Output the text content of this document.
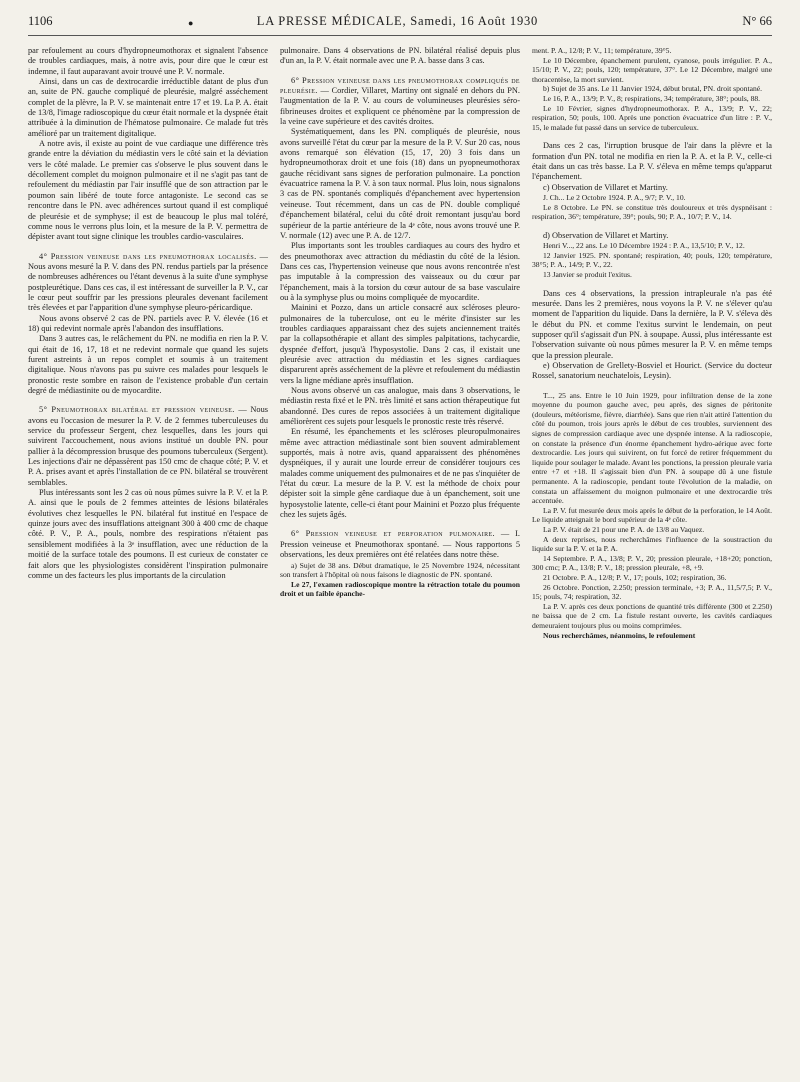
1106	●	LA PRESSE MÉDICALE, Samedi, 16 Août 1930	N° 66

par refoulement au cours d'hydropneumothorax et signalent l'absence de troubles cardiaques, mais, à notre avis, pour dire que le cœur est indemne, il faut auparavant avoir trouvé une P. V. normale.

Ainsi, dans un cas de dextrocardie irréductible datant de plus d'un an, suite de PN. gauche compliqué de pleurésie, malgré asséchement complet de la plèvre, la P. V. se maintenait entre 17 et 19. La P. A. était de 13/8, l'image radioscopique du cœur était normale et la dyspnée était attribuée à la diminution de l'hématose pulmonaire. Ce malade fut très amélioré par un traitement digitalique.

A notre avis, il existe au point de vue cardiaque une différence très grande entre la déviation du médiastin vers le côté sain et la déviation vers le côté malade. Le premier cas s'observe le plus souvent dans le décollement complet du moignon pulmonaire et il ne s'agit pas tant de refoulement du médiastin par l'air insufflé que de son attraction par le poumon sain libéré de toute force antagoniste. Le second cas se rencontre dans le PN. avec adhérences surtout quand il est compliqué de pleurésie et de symphyse; il est de beaucoup le plus mal toléré, comme nous le verrons plus loin, et la mesure de la P. V. permettra de dépister avant tout signe clinique les troubles cardio-vasculaires.

4° Pression veineuse dans les pneumothorax localisés. — Nous avons mesuré la P. V. dans des PN. rendus partiels par la présence de nombreuses adhérences ou l'étant devenus à la suite d'une symphyse postpleurétique. Dans ces cas, il est intéressant de surveiller la P. V., car le cœur peut souffrir par les pressions pleurales devenant facilement très élevées et par l'apparition d'une symphyse pleuro-péricardique.

Nous avons observé 2 cas de PN. partiels avec P. V. élevée (16 et 18) qui redevint normale après l'abandon des insufflations.

Dans 3 autres cas, le relâchement du PN. ne modifia en rien la P. V. qui était de 16, 17, 18 et ne redevint normale que quand les sujets furent astreints à un repos complet et soumis à un traitement digitalique. Nous n'avons pas pu suivre ces malades pour lesquels le pronostic reste sombre en raison de l'existence probable d'un certain degré de médiastinite ou de myocardite.

5° Pneumothorax bilatéral et pression veineuse. — Nous avons eu l'occasion de mesurer la P. V. de 2 femmes tuberculeuses du service du professeur Sergent, chez lesquelles, dans les jours qui suivirent l'accouchement, nous avions institué un double PN. pour pallier à la décompression brusque des poumons tuberculeux (Sergent). Les injections d'air ne dépassèrent pas 150 cmc de chaque côté; P. V. et P. A. prises avant et après l'installation de ce PN. bilatéral se trouvèrent semblables.

Plus intéressants sont les 2 cas où nous pûmes suivre la P. V. et la P. A. ainsi que le pouls de 2 femmes atteintes de lésions bilatérales évolutives chez lesquelles le PN. bilatéral fut institué en l'espace de quinze jours avec des insufflations atteignant 300 à 400 cmc de chaque côté. P. V., P. A., pouls, nombre des respirations n'étaient pas sensiblement modifiées à la 3ᵉ insufflation, avec une réduction de la moitié de la surface totale des poumons. Il est curieux de constater ce fait alors que les physiologistes considèrent l'inspiration pulmonaire comme un des facteurs les plus importants de la circulation

pulmonaire. Dans 4 observations de PN. bilatéral réalisé depuis plus d'un an, la P. V. était normale avec une P. A. basse dans 3 cas.

6° Pression veineuse dans les pneumothorax compliqués de pleurésie. — Cordier, Villaret, Martiny ont signalé en dehors du PN. l'augmentation de la P. V. au cours de volumineuses pleurésies séro-fibrineuses droites et expliquent ce phénomène par la compression de la veine cave supérieure et des cavités droites.

Systématiquement, dans les PN. compliqués de pleurésie, nous avons surveillé l'état du cœur par la mesure de la P. V. Sur 20 cas, nous avons remarqué son élévation (15, 17, 20) 3 fois dans un hydropneumothorax droit et une fois (18) dans un pyopneumothorax gauche récidivant sans signes de perforation pulmonaire. La ponction évacuatrice ramena la P. V. à son taux normal. Plus loin, nous signalons 3 cas de PN. spontanés compliqués d'épanchement avec hypertension veineuse. Tout récemment, dans un cas de PN. double compliqué d'épanchement bilatéral, celui du côté droit remontant jusqu'au bord supérieur de la partie antérieure de la 4ᵉ côte, nous avons trouvé une P. V. normale (12) avec une P. A. de 12/7.

Plus importants sont les troubles cardiaques au cours des hydro et des pneumothorax avec attraction du médiastin du côté de la lésion. Dans ces cas, l'hypertension veineuse que nous avons rencontrée n'est pas imputable à la compression des vaisseaux ou du cœur par l'épanchement, mais à la torsion du cœur autour de sa base vasculaire ou à la symphyse plus ou moins compliquée de myocardite.

Mainini et Pozzo, dans un article consacré aux scléroses pleuro-pulmonaires de la tuberculose, ont eu le mérite d'insister sur les troubles cardiaques apparaissant chez des sujets anciennement traités par la collapsothérapie et allant des simples palpitations, tachycardie, dyspnée d'effort, jusqu'à l'hyposystolie. Dans 2 cas, il existait une pleurésie avec attraction du médiastin et les signes cardiaques disparurent après asséchement de la plèvre et refoulement du médiastin vers la ligne médiane après insufflation.

Nous avons observé un cas analogue, mais dans 3 observations, le médiastin resta fixé et le PN. très limité et sans action thérapeutique fut abandonné. Des cures de repos associées à un traitement digitalique améliorèrent ces sujets pour lesquels le pronostic reste très réservé.

En résumé, les épanchements et les scléroses pleuropulmonaires même avec attraction médiastinale sont bien souvent admirablement supportés, mais à notre avis, quand apparaissent des phénomènes dyspnéiques, il y aurait une lourde erreur de considérer toujours ces malades comme uniquement des pulmonaires et de ne pas s'inquiéter de l'état du cœur. La mesure de la P. V. est la méthode de choix pour dépister soit la simple gêne cardiaque due à un épanchement, soit une hyposystolie latente, celle-ci étant pour Mainini et Pozzo plus fréquente chez les sujets âgés.

6° Pression veineuse et perforation pulmonaire. — I. Pression veineuse et Pneumothorax spontané. — Nous rapportons 5 observations, les deux premières ont été relatées dans notre thèse.

a) Sujet de 38 ans. Début dramatique, le 25 Novembre 1924, nécessitant son transfert à l'hôpital où nous faisons le diagnostic de PN. spontané.

Le 27, l'examen radioscopique montre la rétraction totale du poumon droit et un faible épanche-

ment. P. A., 12/8; P. V., 11; température, 39°5.

Le 10 Décembre, épanchement purulent, cyanose, pouls irrégulier. P. A., 15/10; P. V., 22; pouls, 120; température, 37°. Le 12 Décembre, malgré une thoracentèse, la mort survient.

b) Sujet de 35 ans. Le 11 Janvier 1924, début brutal, PN. droit spontané.

Le 16, P. A., 13/9; P. V., 8; respirations, 34; température, 38°; pouls, 88.

Le 10 Février, signes d'hydropneumothorax. P. A., 13/9; P. V., 22; respiration, 50; pouls, 100. Après une ponction évacuatrice d'un litre : P. V., 15, le malade fut passé dans un service de tuberculeux.

Dans ces 2 cas, l'irruption brusque de l'air dans la plèvre et la formation d'un PN. total ne modifia en rien la P. A. et la P. V., celle-ci était dans un cas très basse. La P. V. s'éleva en même temps qu'apparut l'épanchement.

c) Observation de Villaret et Martiny.

J. Ch... Le 2 Octobre 1924. P. A., 9/7; P. V., 10.

Le 8 Octobre. Le PN. se constitue très douloureux et très dyspnéisant : respiration, 36°; température, 39°; pouls, 90; P. A., 10/7; P. V., 14.

d) Observation de Villaret et Martiny.

Henri V..., 22 ans. Le 10 Décembre 1924 : P. A., 13,5/10; P. V., 12.

12 Janvier 1925. PN. spontané; respiration, 40; pouls, 120; température, 38°5; P. A., 14/9; P. V., 22.

13 Janvier se produit l'exitus.

Dans ces 4 observations, la pression intrapleurale n'a pas été mesurée. Dans les 2 premières, nous voyons la P. V. ne s'élever qu'au moment de l'apparition du liquide. Dans la dernière, la P. V. s'éleva dès le début du PN. et comme l'exitus survint le lendemain, on peut supposer qu'il s'agissait d'un PN. à soupape. Aussi, plus intéressante est l'observation suivante où nous pûmes mesurer la P. V. en même temps que la pression pleurale.

e) Observation de Grellety-Bosviel et Hourict. (Service du docteur Rossel, sanatorium neuchatelois, Leysin).

T..., 25 ans. Entre le 10 Juin 1929, pour infiltration dense de la zone moyenne du poumon gauche avec, peu après, des signes de péritonite (douleurs, météorisme, fièvre, diarrhée). Sans que rien n'ait attiré l'attention du côté du poumon, trois jours après le début de ces troubles, surviennent des signes de compression cardiaque avec une dyspnée intense. A la radioscopie, on constate la présence d'un énorme épanchement hydro-aérique avec forte dextrocardie. Les jours qui suivirent, on fut forcé de retirer fréquemment du liquide pour soulager le malade. Avant les ponctions, la pression pleurale varia entre +7 et +18. Il s'agissait bien d'un PN. à soupape dû à une fistule permanente. A la radioscopie, pendant toute l'évolution de la maladie, on constata un affaissement du moignon pulmonaire et une dextrocardie très accentuée.

La P. V. fut mesurée deux mois après le début de la perforation, le 14 Août. Le liquide atteignait le bord supérieur de la 4ᵉ côte.

La P. V. était de 21 pour une P. A. de 13/8 au Vaquez.

A deux reprises, nous recherchâmes l'influence de la soustraction du liquide sur la P. V. et la P. A.

14 Septembre. P. A., 13/8; P. V., 20; pression pleurale, +18+20; ponction, 300 cmc; P. A., 13/8; P. V., 18; pression pleurale, +8, +9.

21 Octobre. P. A., 12/8; P. V., 17; pouls, 102; respiration, 36.

26 Octobre. Ponction, 2.250; pression terminale, +3; P. A., 11,5/7,5; P. V., 15; pouls, 74; respiration, 32.

La P. V. après ces deux ponctions de quantité très différente (300 et 2.250) ne baissa que de 2 cm. La fistule restant ouverte, les cavités cardiaques demeuraient toujours plus ou moins comprimées.

Nous recherchâmes, néanmoins, le refoulement
